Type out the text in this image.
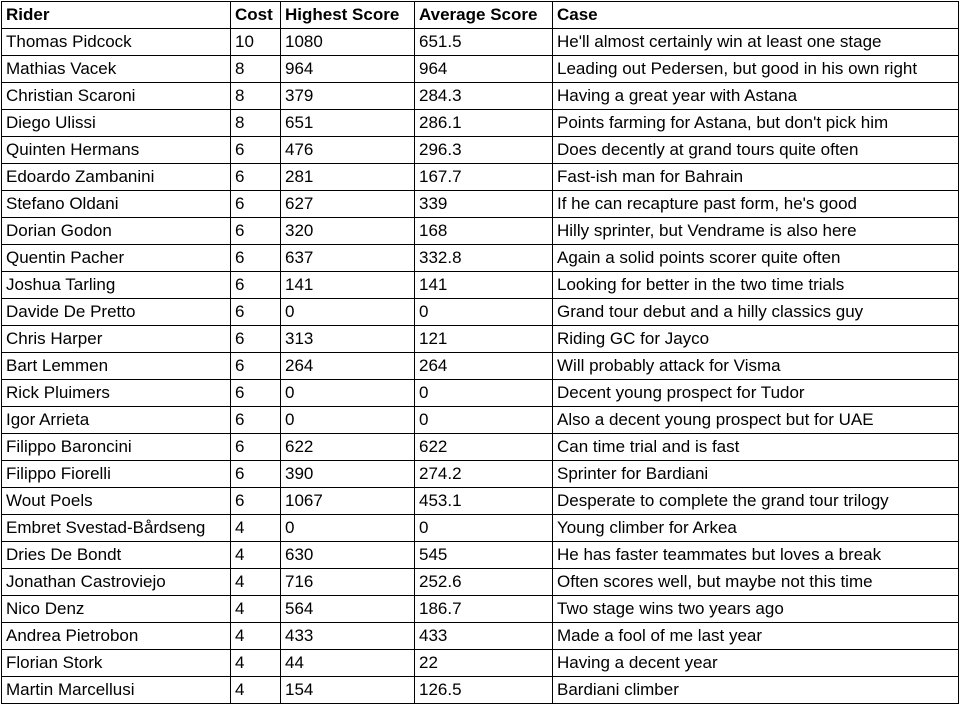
Rider	Cost	Highest Score	Average Score	Case
Thomas Pidcock	10	1080	651.5	He'll almost certainly win at least one stage
Mathias Vacek	8	964	964	Leading out Pedersen, but good in his own right
Christian Scaroni	8	379	284.3	Having a great year with Astana
Diego Ulissi	8	651	286.1	Points farming for Astana, but don't pick him
Quinten Hermans	6	476	296.3	Does decently at grand tours quite often
Edoardo Zambanini	6	281	167.7	Fast-ish man for Bahrain
Stefano Oldani	6	627	339	If he can recapture past form, he's good
Dorian Godon	6	320	168	Hilly sprinter, but Vendrame is also here
Quentin Pacher	6	637	332.8	Again a solid points scorer quite often
Joshua Tarling	6	141	141	Looking for better in the two time trials
Davide De Pretto	6	0	0	Grand tour debut and a hilly classics guy
Chris Harper	6	313	121	Riding GC for Jayco
Bart Lemmen	6	264	264	Will probably attack for Visma
Rick Pluimers	6	0	0	Decent young prospect for Tudor
Igor Arrieta	6	0	0	Also a decent young prospect but for UAE
Filippo Baroncini	6	622	622	Can time trial and is fast
Filippo Fiorelli	6	390	274.2	Sprinter for Bardiani
Wout Poels	6	1067	453.1	Desperate to complete the grand tour trilogy
Embret Svestad-Bårdseng	4	0	0	Young climber for Arkea
Dries De Bondt	4	630	545	He has faster teammates but loves a break
Jonathan Castroviejo	4	716	252.6	Often scores well, but maybe not this time
Nico Denz	4	564	186.7	Two stage wins two years ago
Andrea Pietrobon	4	433	433	Made a fool of me last year
Florian Stork	4	44	22	Having a decent year
Martin Marcellusi	4	154	126.5	Bardiani climber
